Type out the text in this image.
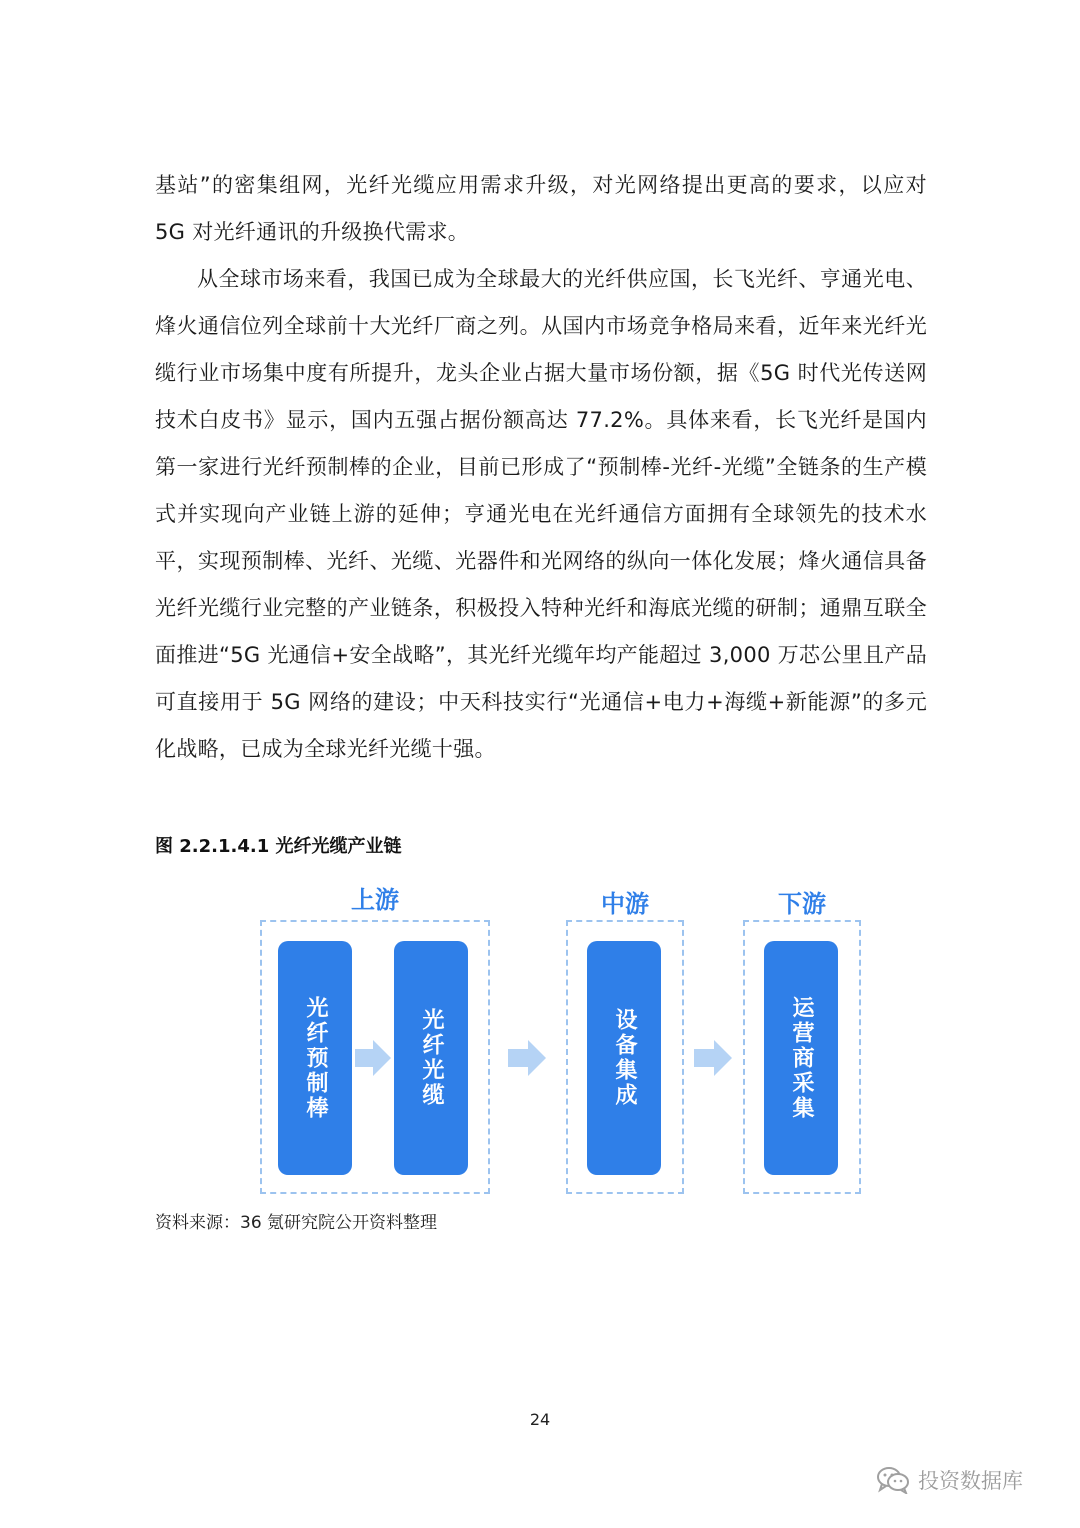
基站”的密集组网，光纤光缆应用需求升级，对光网络提出更高的要求，以应对 5G 对光纤通讯的升级换代需求。

从全球市场来看，我国已成为全球最大的光纤供应国，长飞光纤、亨通光电、烽火通信位列全球前十大光纤厂商之列。从国内市场竞争格局来看，近年来光纤光缆行业市场集中度有所提升，龙头企业占据大量市场份额，据《5G 时代光传送网技术白皮书》显示，国内五强占据份额高达 77.2%。具体来看，长飞光纤是国内第一家进行光纤预制棒的企业，目前已形成了“预制棒-光纤-光缆”全链条的生产模式并实现向产业链上游的延伸；亨通光电在光纤通信方面拥有全球领先的技术水平，实现预制棒、光纤、光缆、光器件和光网络的纵向一体化发展；烽火通信具备光纤光缆行业完整的产业链条，积极投入特种光纤和海底光缆的研制；通鼎互联全面推进“5G 光通信+安全战略”，其光纤光缆年均产能超过 3,000 万芯公里且产品可直接用于 5G 网络的建设；中天科技实行“光通信+电力+海缆+新能源”的多元化战略，已成为全球光纤光缆十强。

图 2.2.1.4.1 光纤光缆产业链
上游	中游	下游
光纤预制棒	光纤光缆	设备集成	运营商采集
资料来源：36 氪研究院公开资料整理
24
投资数据库
